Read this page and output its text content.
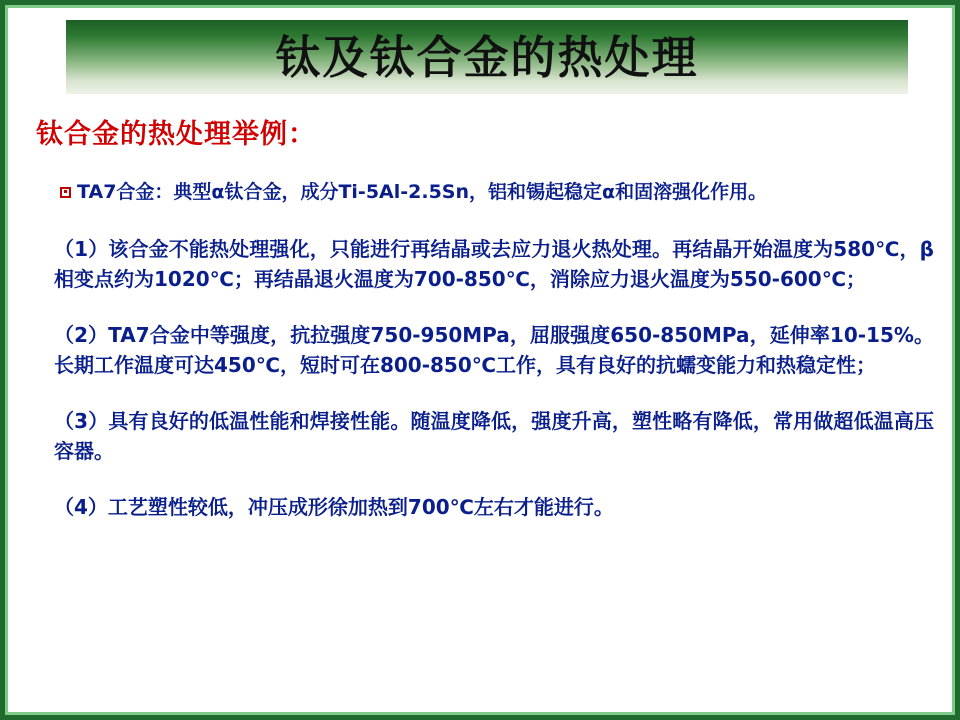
钛及钛合金的热处理
钛合金的热处理举例：
TA7合金：典型α钛合金，成分Ti-5Al-2.5Sn，铝和锡起稳定α和固溶强化作用。

（1）该合金不能热处理强化，只能进行再结晶或去应力退火热处理。再结晶开始温度为580℃，β相变点约为1020℃；再结晶退火温度为700-850℃，消除应力退火温度为550-600℃；

（2）TA7合金中等强度，抗拉强度750-950MPa，屈服强度650-850MPa，延伸率10-15%。长期工作温度可达450℃，短时可在800-850℃工作，具有良好的抗蠕变能力和热稳定性；

（3）具有良好的低温性能和焊接性能。随温度降低，强度升高，塑性略有降低，常用做超低温高压容器。

（4）工艺塑性较低，冲压成形徐加热到700℃左右才能进行。
